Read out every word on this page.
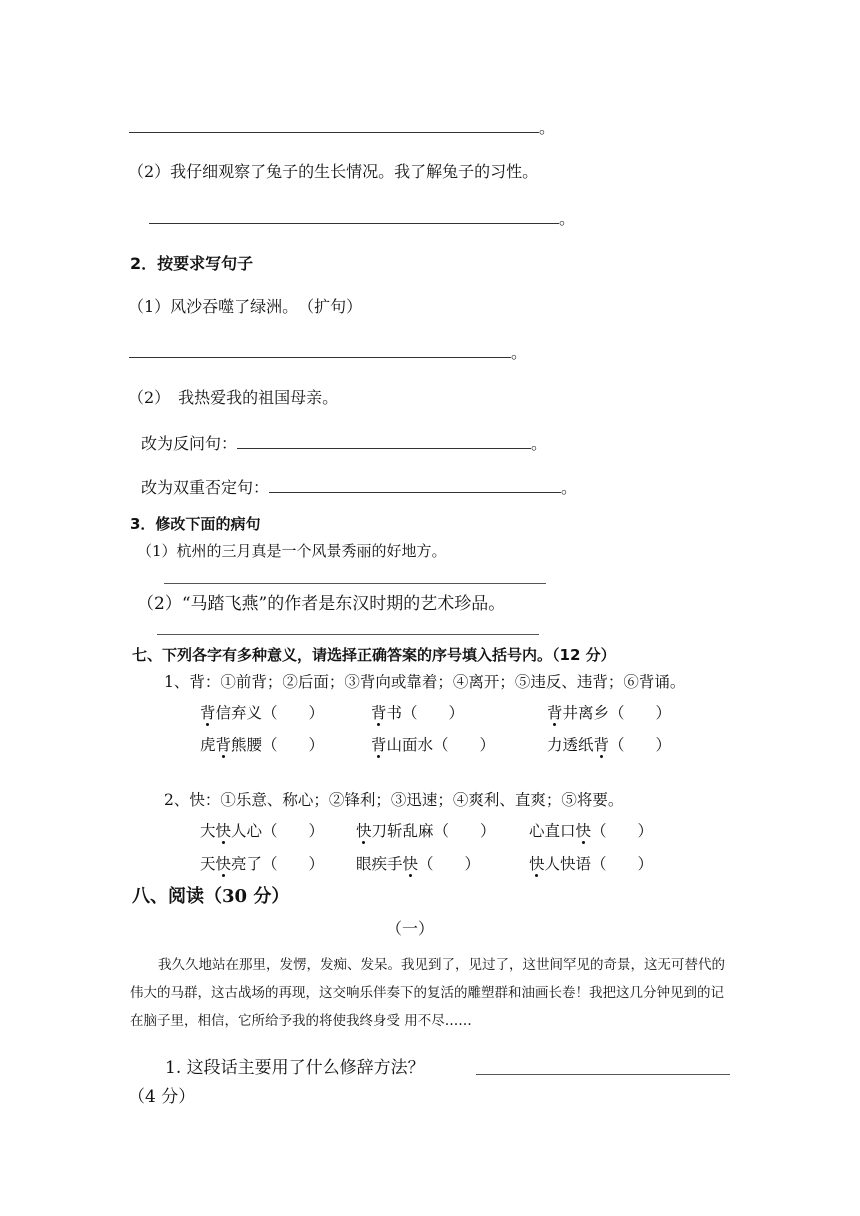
。
（2）我仔细观察了兔子的生长情况。我了解兔子的习性。
。
2．按要求写句子
（1）风沙吞噬了绿洲。　（扩句）
。
（2）　我热爱我的祖国母亲。
改为反问句：	。
改为双重否定句：	。
3．修改下面的病句
（1）杭州的三月真是一个风景秀丽的好地方。
（2）“马踏飞燕”的作者是东汉时期的艺术珍品。
七、下列各字有多种意义，请选择正确答案的序号填入括号内。（12 分）
1、背：①前背；②后面；③背向或靠着；④离开；⑤违反、违背；⑥背诵。
背信弃义（　　）	背书（　　）	背井离乡（　　）
虎背熊腰（　　）	背山面水（　　）	力透纸背（　　）
2、快：①乐意、称心；②锋利；③迅速；④爽利、直爽；⑤将要。
大快人心（　　） 快刀斩乱麻（　　） 心直口快（　　）
天快亮了（　　） 眼疾手快（　　）	快人快语（　　）
八、阅读（30 分）
（一）
我久久地站在那里，发愣，发痴、发呆。我见到了，见过了，这世间罕见的奇景，这无可替代的伟大的马群，这古战场的再现，这交响乐伴奏下的复活的雕塑群和油画长卷！我把这几分钟见到的记在脑子里，相信，它所给予我的将使我终身受 用不尽……
1. 这段话主要用了什么修辞方法？
（4 分）
